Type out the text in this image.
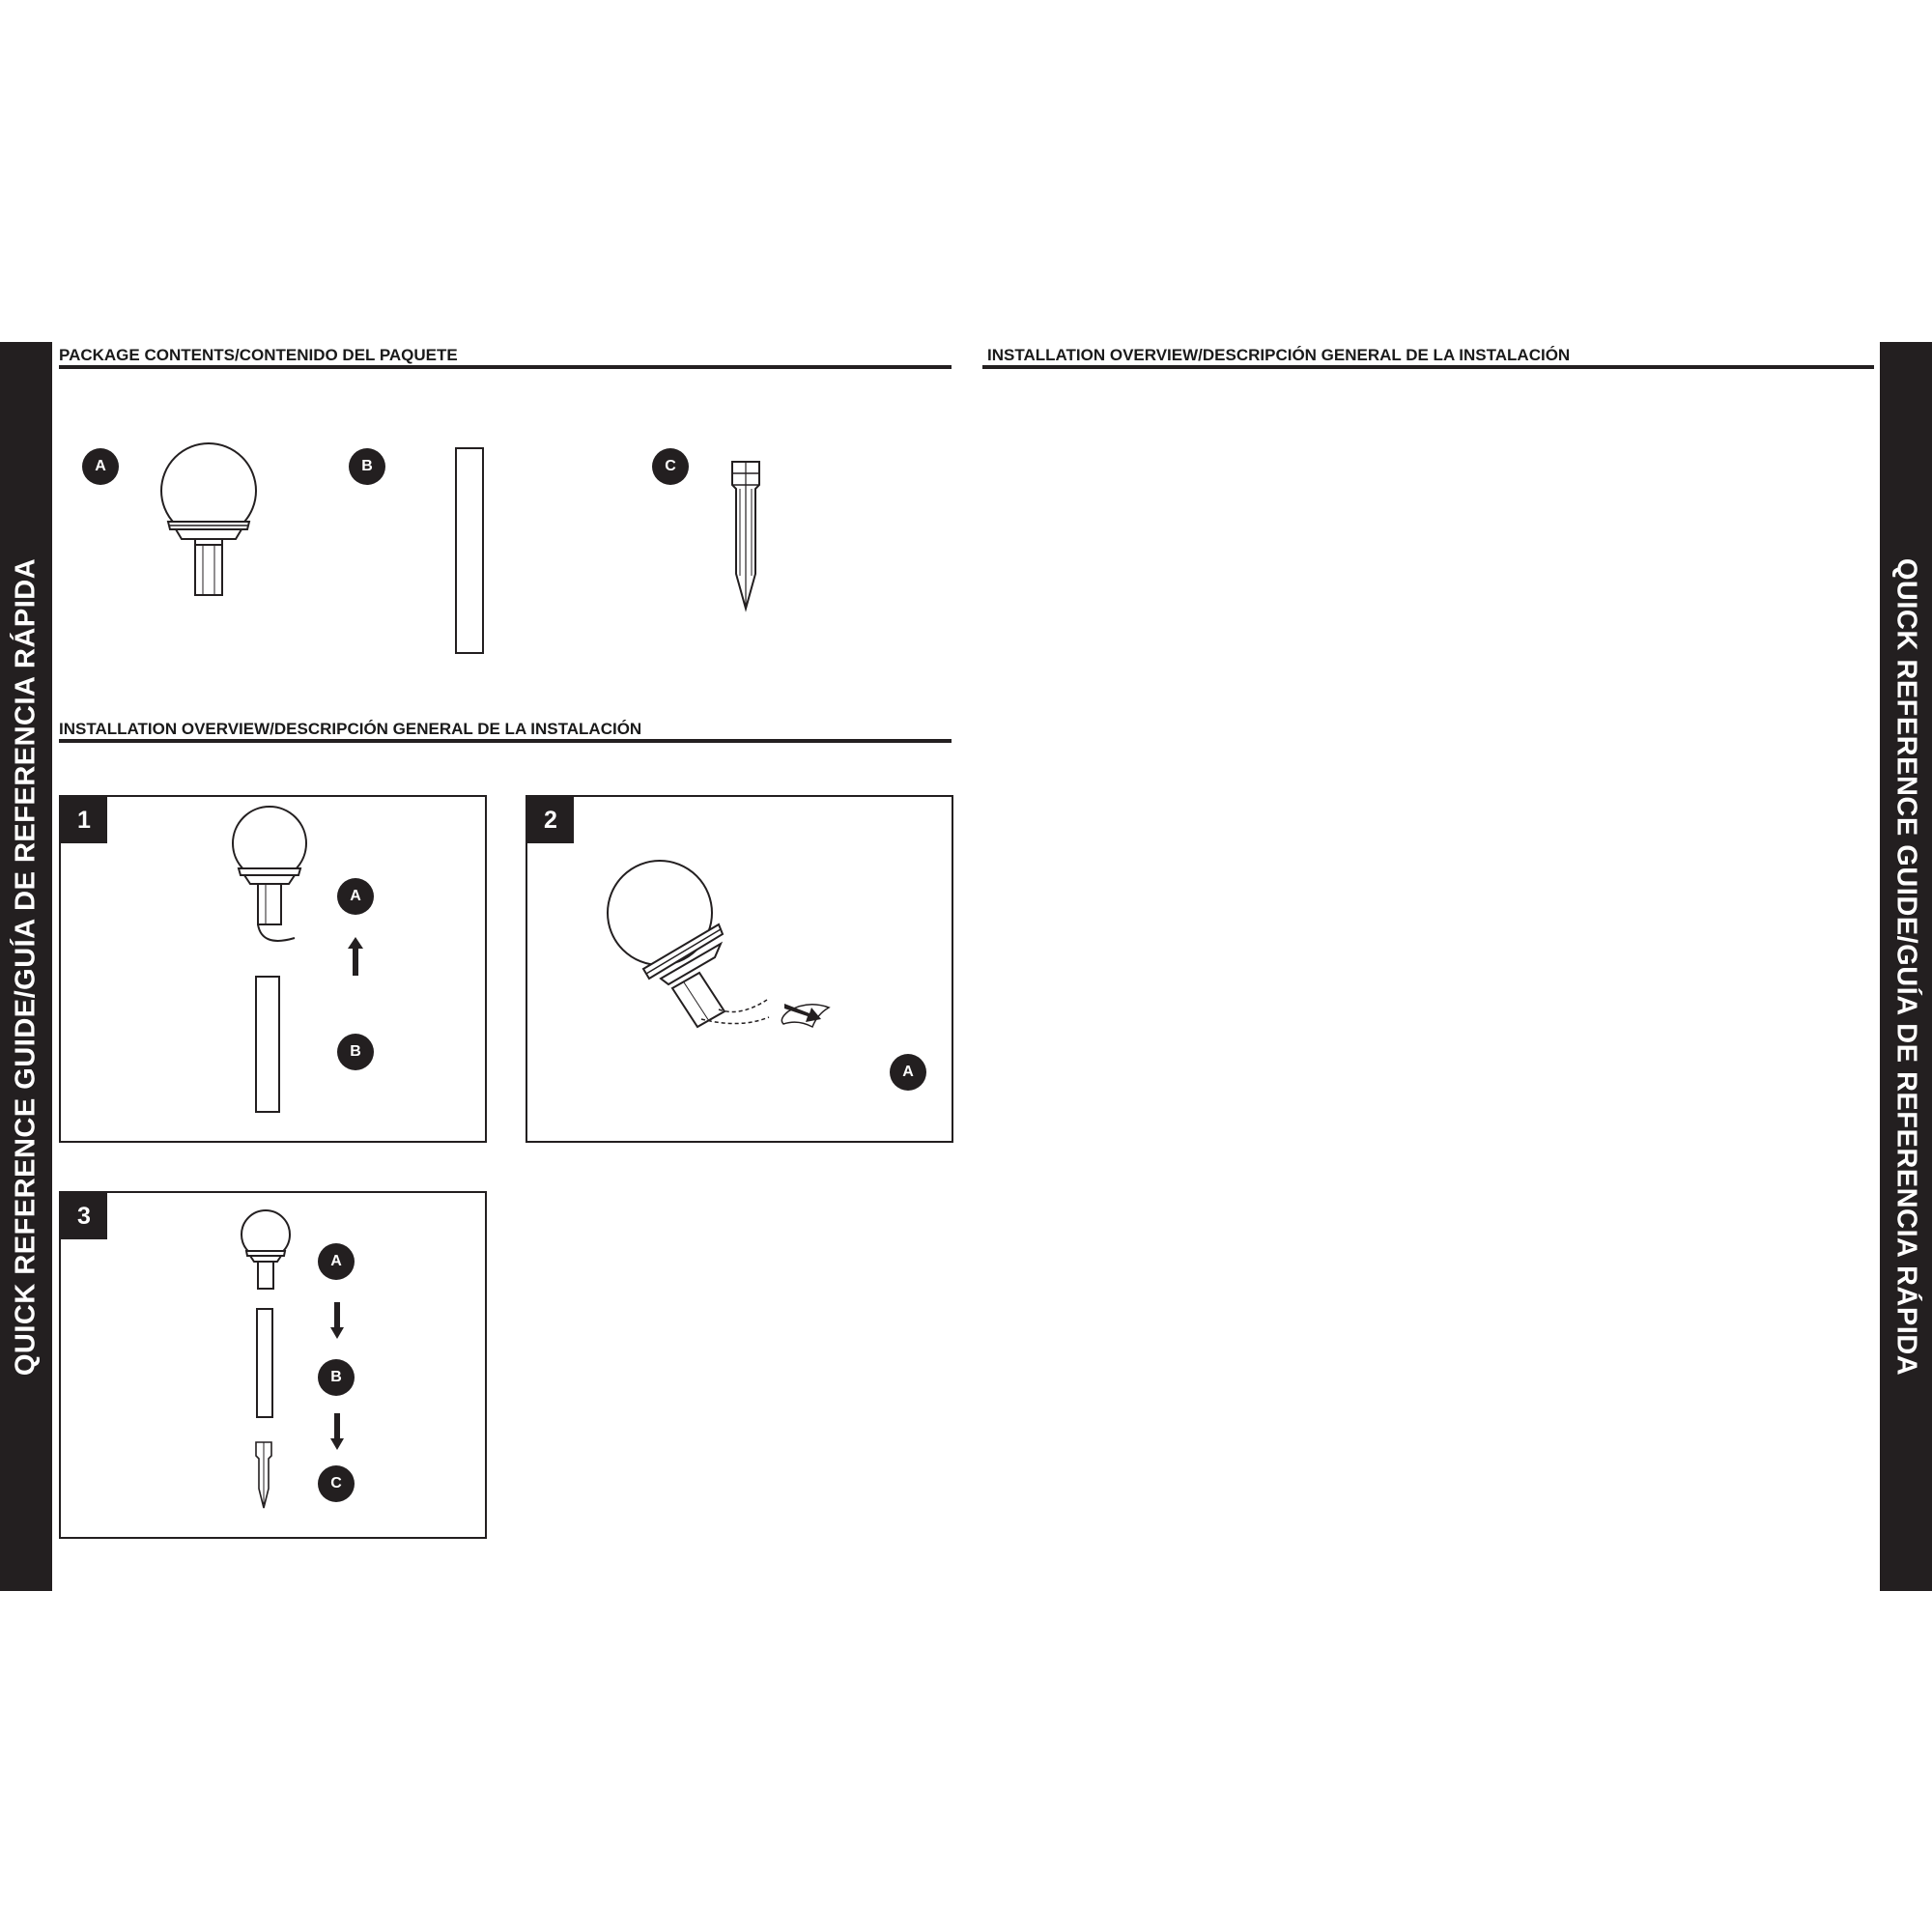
QUICK REFERENCE GUIDE/GUÍA DE REFERENCIA RÁPIDA	QUICK REFERENCE GUIDE/GUÍA DE REFERENCIA RÁPIDA
PACKAGE CONTENTS/CONTENIDO DEL PAQUETE	INSTALLATION OVERVIEW/DESCRIPCIÓN GENERAL DE LA INSTALACIÓN
A	B	C
INSTALLATION OVERVIEW/DESCRIPCIÓN GENERAL DE LA INSTALACIÓN
1
A
B
2
A
3
A
B
C
